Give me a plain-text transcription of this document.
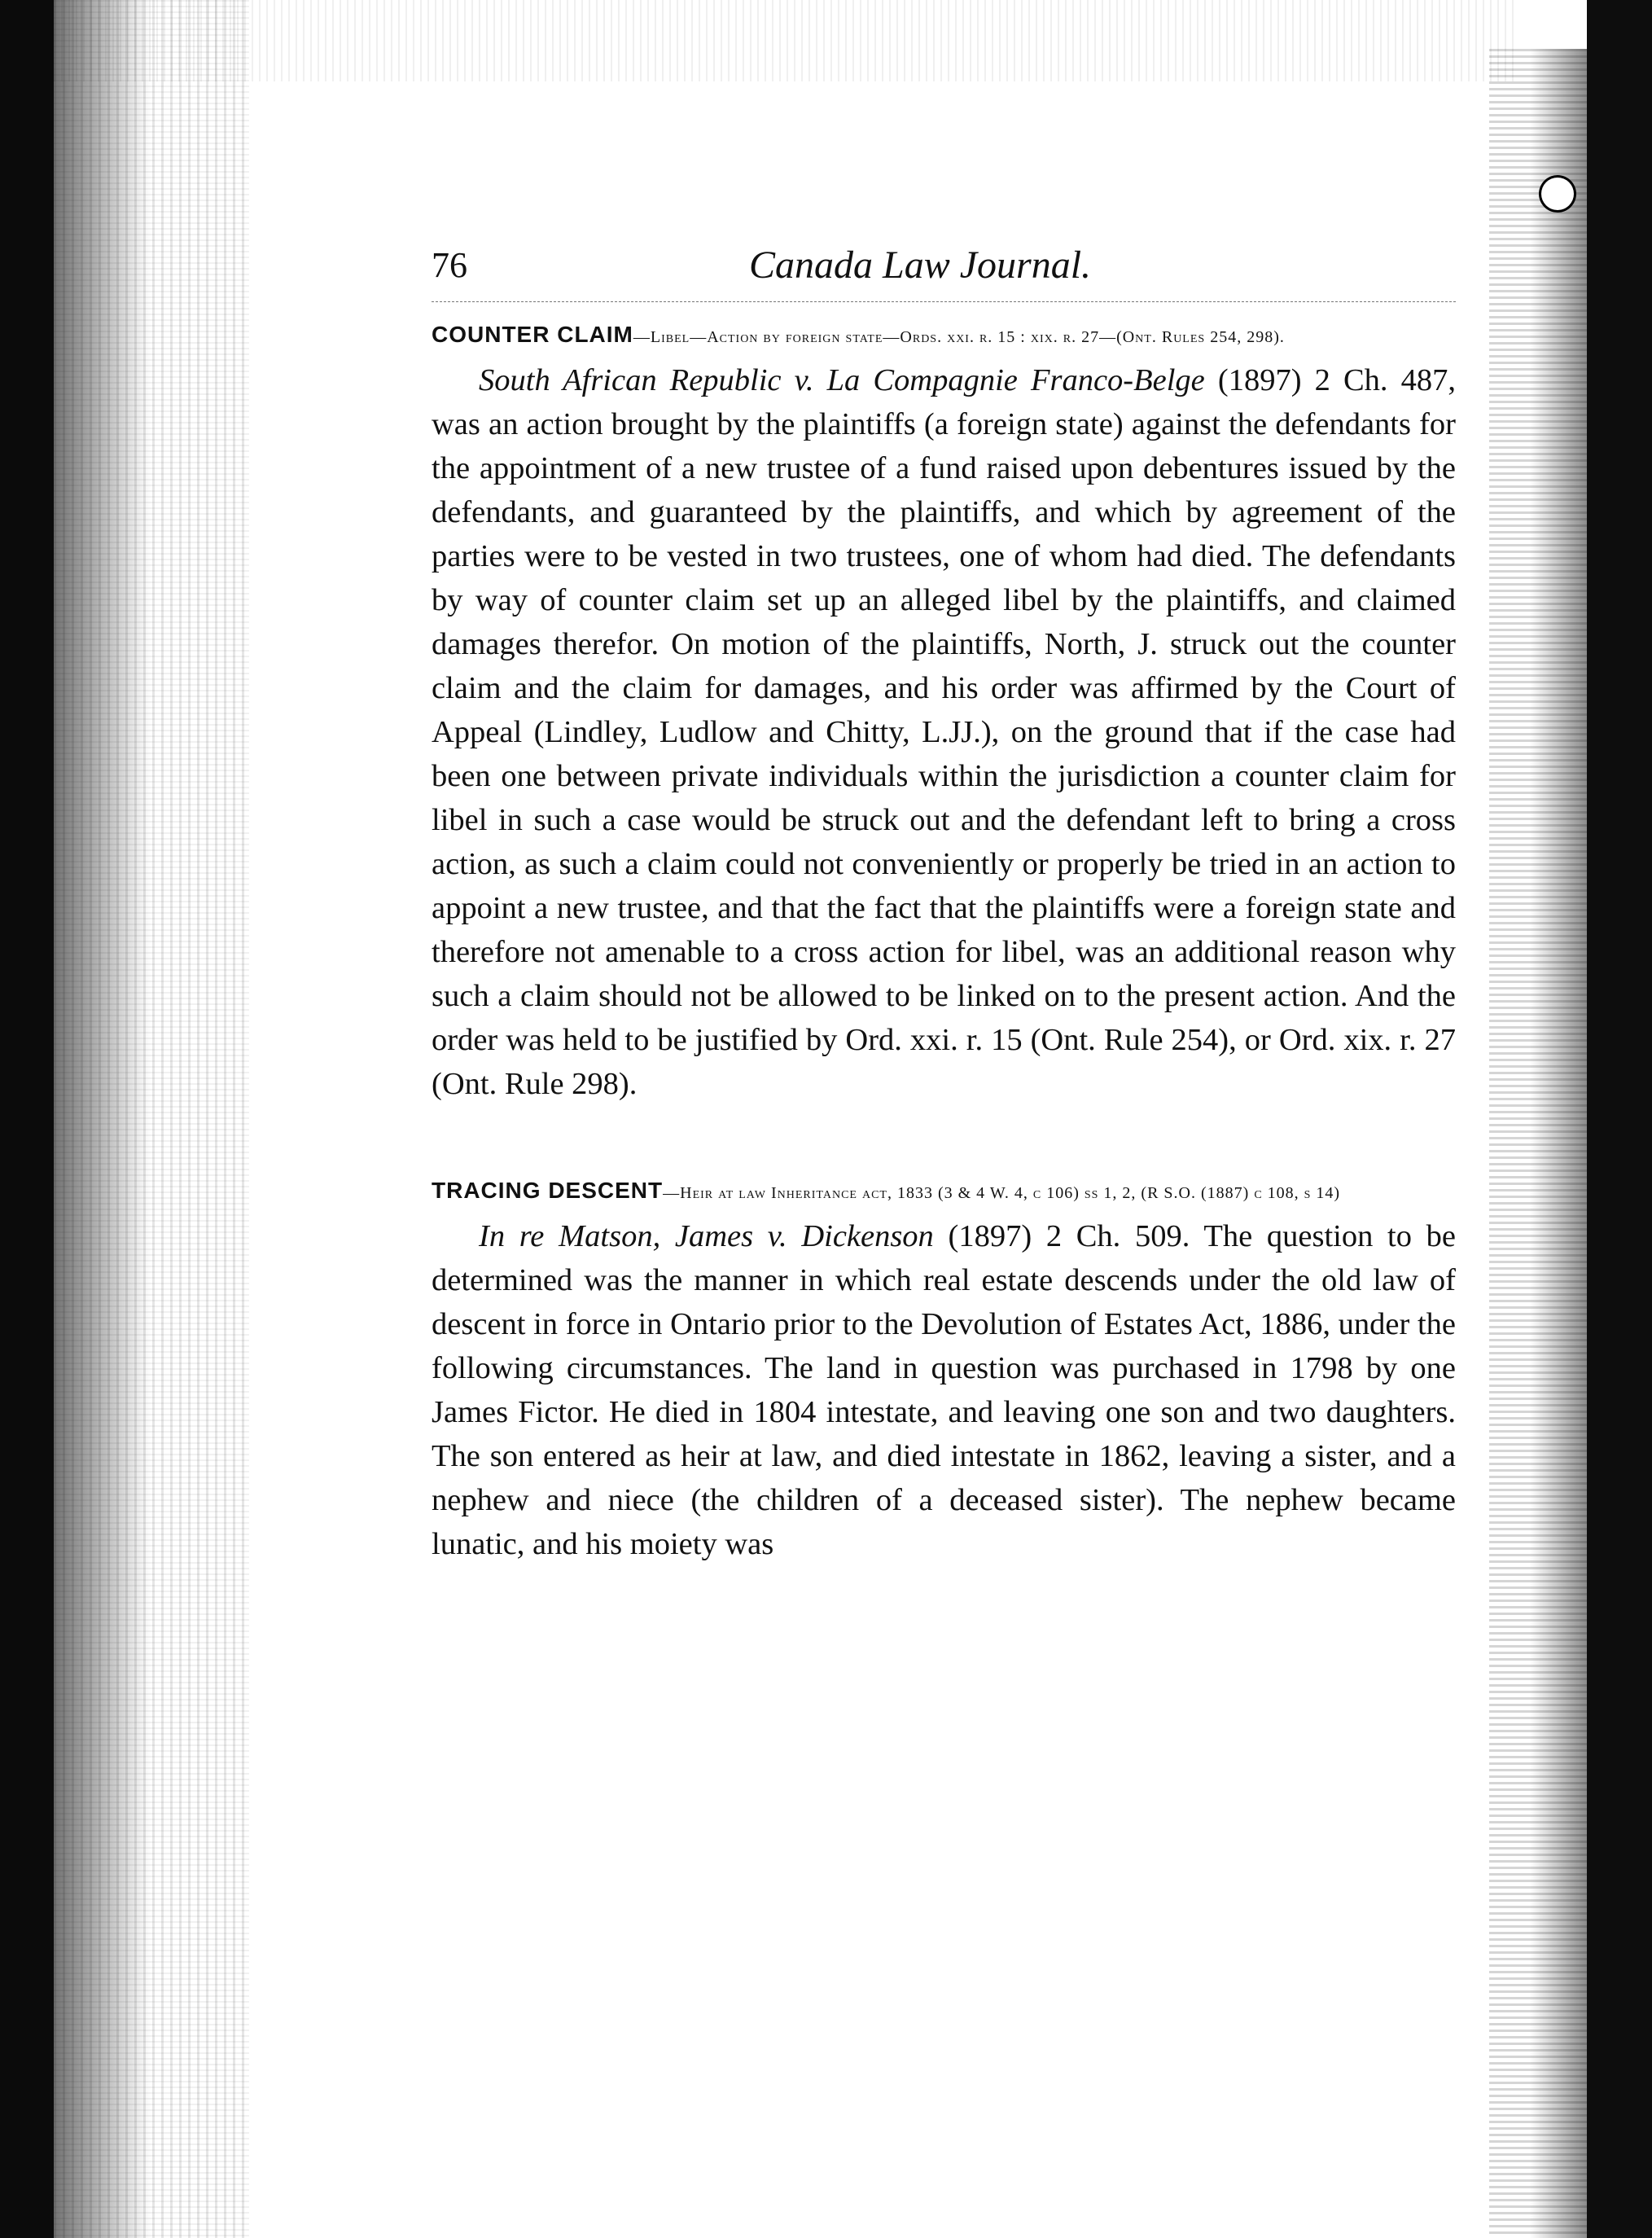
76	Canada Law Journal.

COUNTER CLAIM—Libel—Action by foreign state—Ords. xxi. r. 15 : xix. r. 27—(Ont. Rules 254, 298).

South African Republic v. La Compagnie Franco-Belge (1897) 2 Ch. 487, was an action brought by the plaintiffs (a foreign state) against the defendants for the appointment of a new trustee of a fund raised upon debentures issued by the defendants, and guaranteed by the plaintiffs, and which by agreement of the parties were to be vested in two trustees, one of whom had died. The defendants by way of counter claim set up an alleged libel by the plaintiffs, and claimed damages therefor. On motion of the plaintiffs, North, J. struck out the counter claim and the claim for damages, and his order was affirmed by the Court of Appeal (Lindley, Ludlow and Chitty, L.JJ.), on the ground that if the case had been one between private individuals within the jurisdiction a counter claim for libel in such a case would be struck out and the defendant left to bring a cross action, as such a claim could not conveniently or properly be tried in an action to appoint a new trustee, and that the fact that the plaintiffs were a foreign state and therefore not amenable to a cross action for libel, was an additional reason why such a claim should not be allowed to be linked on to the present action. And the order was held to be justified by Ord. xxi. r. 15 (Ont. Rule 254), or Ord. xix. r. 27 (Ont. Rule 298).

TRACING DESCENT—Heir at law Inheritance act, 1833 (3 & 4 W. 4, c 106) ss 1, 2, (R S.O. (1887) c 108, s 14)

In re Matson, James v. Dickenson (1897) 2 Ch. 509. The question to be determined was the manner in which real estate descends under the old law of descent in force in Ontario prior to the Devolution of Estates Act, 1886, under the following circumstances. The land in question was purchased in 1798 by one James Fictor. He died in 1804 intestate, and leaving one son and two daughters. The son entered as heir at law, and died intestate in 1862, leaving a sister, and a nephew and niece (the children of a deceased sister). The nephew became lunatic, and his moiety was
